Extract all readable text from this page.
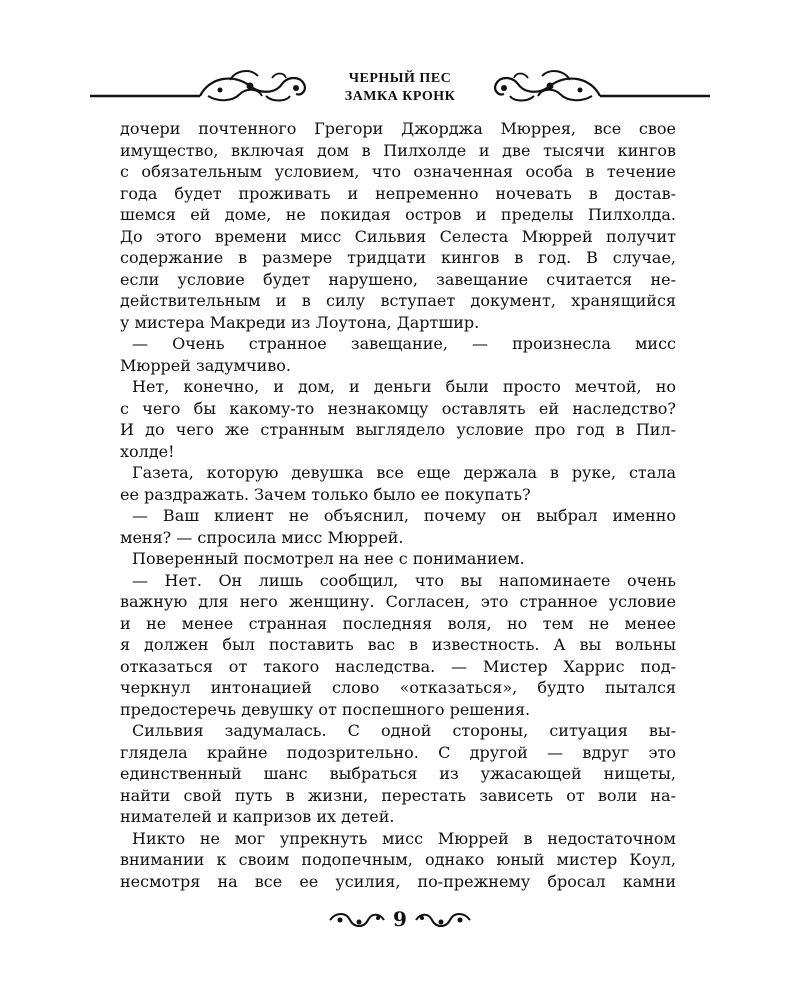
ЧЕРНЫЙ ПЕС
ЗАМКА КРОНК
дочери почтенного Грегори Джорджа Мюррея, все свое
имущество, включая дом в Пилхолде и две тысячи кингов
с обязательным условием, что означенная особа в течение
года будет проживать и непременно ночевать в достав-
шемся ей доме, не покидая остров и пределы Пилхолда.
До этого времени мисс Сильвия Селеста Мюррей получит
содержание в размере тридцати кингов в год. В случае,
если условие будет нарушено, завещание считается не-
действительным и в силу вступает документ, хранящийся
у мистера Макреди из Лоутона, Дартшир.
— Очень странное завещание, — произнесла мисс
Мюррей задумчиво.
Нет, конечно, и дом, и деньги были просто мечтой, но
с чего бы какому-то незнакомцу оставлять ей наследство?
И до чего же странным выглядело условие про год в Пил-
холде!
Газета, которую девушка все еще держала в руке, стала
ее раздражать. Зачем только было ее покупать?
— Ваш клиент не объяснил, почему он выбрал именно
меня? — спросила мисс Мюррей.
Поверенный посмотрел на нее с пониманием.
— Нет. Он лишь сообщил, что вы напоминаете очень
важную для него женщину. Согласен, это странное условие
и не менее странная последняя воля, но тем не менее
я должен был поставить вас в известность. А вы вольны
отказаться от такого наследства. — Мистер Харрис под-
черкнул интонацией слово «отказаться», будто пытался
предостеречь девушку от поспешного решения.
Сильвия задумалась. С одной стороны, ситуация вы-
глядела крайне подозрительно. С другой — вдруг это
единственный шанс выбраться из ужасающей нищеты,
найти свой путь в жизни, перестать зависеть от воли на-
нимателей и капризов их детей.
Никто не мог упрекнуть мисс Мюррей в недостаточном
внимании к своим подопечным, однако юный мистер Коул,
несмотря на все ее усилия, по-прежнему бросал камни
9
